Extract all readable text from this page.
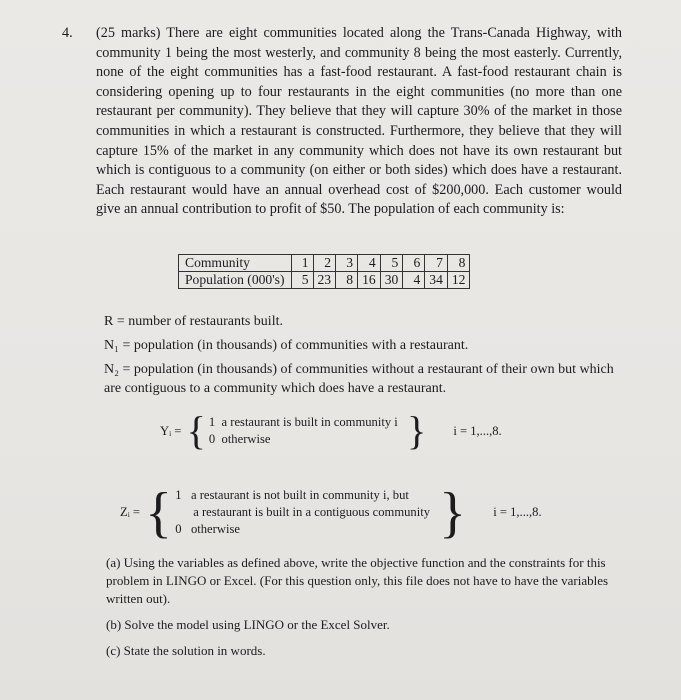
4. (25 marks) There are eight communities located along the Trans-Canada Highway, with community 1 being the most westerly, and community 8 being the most easterly. Currently, none of the eight communities has a fast-food restaurant. A fast-food restaurant chain is considering opening up to four restaurants in the eight communities (no more than one restaurant per community). They believe that they will capture 30% of the market in those communities in which a restaurant is constructed. Furthermore, they believe that they will capture 15% of the market in any community which does not have its own restaurant but which is contiguous to a community (on either or both sides) which does have a restaurant. Each restaurant would have an annual overhead cost of $200,000. Each customer would give an annual contribution to profit of $50. The population of each community is:
Community	1	2	3	4	5	6	7	8
Population (000's)	5	23	8	16	30	4	34	12

R = number of restaurants built.

N₁ = population (in thousands) of communities with a restaurant.

N₂ = population (in thousands) of communities without a restaurant of their own but which are contiguous to a community which does have a restaurant.

Yᵢ = { 1 a restaurant is built in community i
0 otherwise	} i = 1,...,8.
Zᵢ = { 1 a restaurant is not built in community i, but
a restaurant is built in a contiguous community
0 otherwise	} i = 1,...,8.

(a) Using the variables as defined above, write the objective function and the constraints for this problem in LINGO or Excel. (For this question only, this file does not have to have the variables written out).

(b) Solve the model using LINGO or the Excel Solver.

(c) State the solution in words.
